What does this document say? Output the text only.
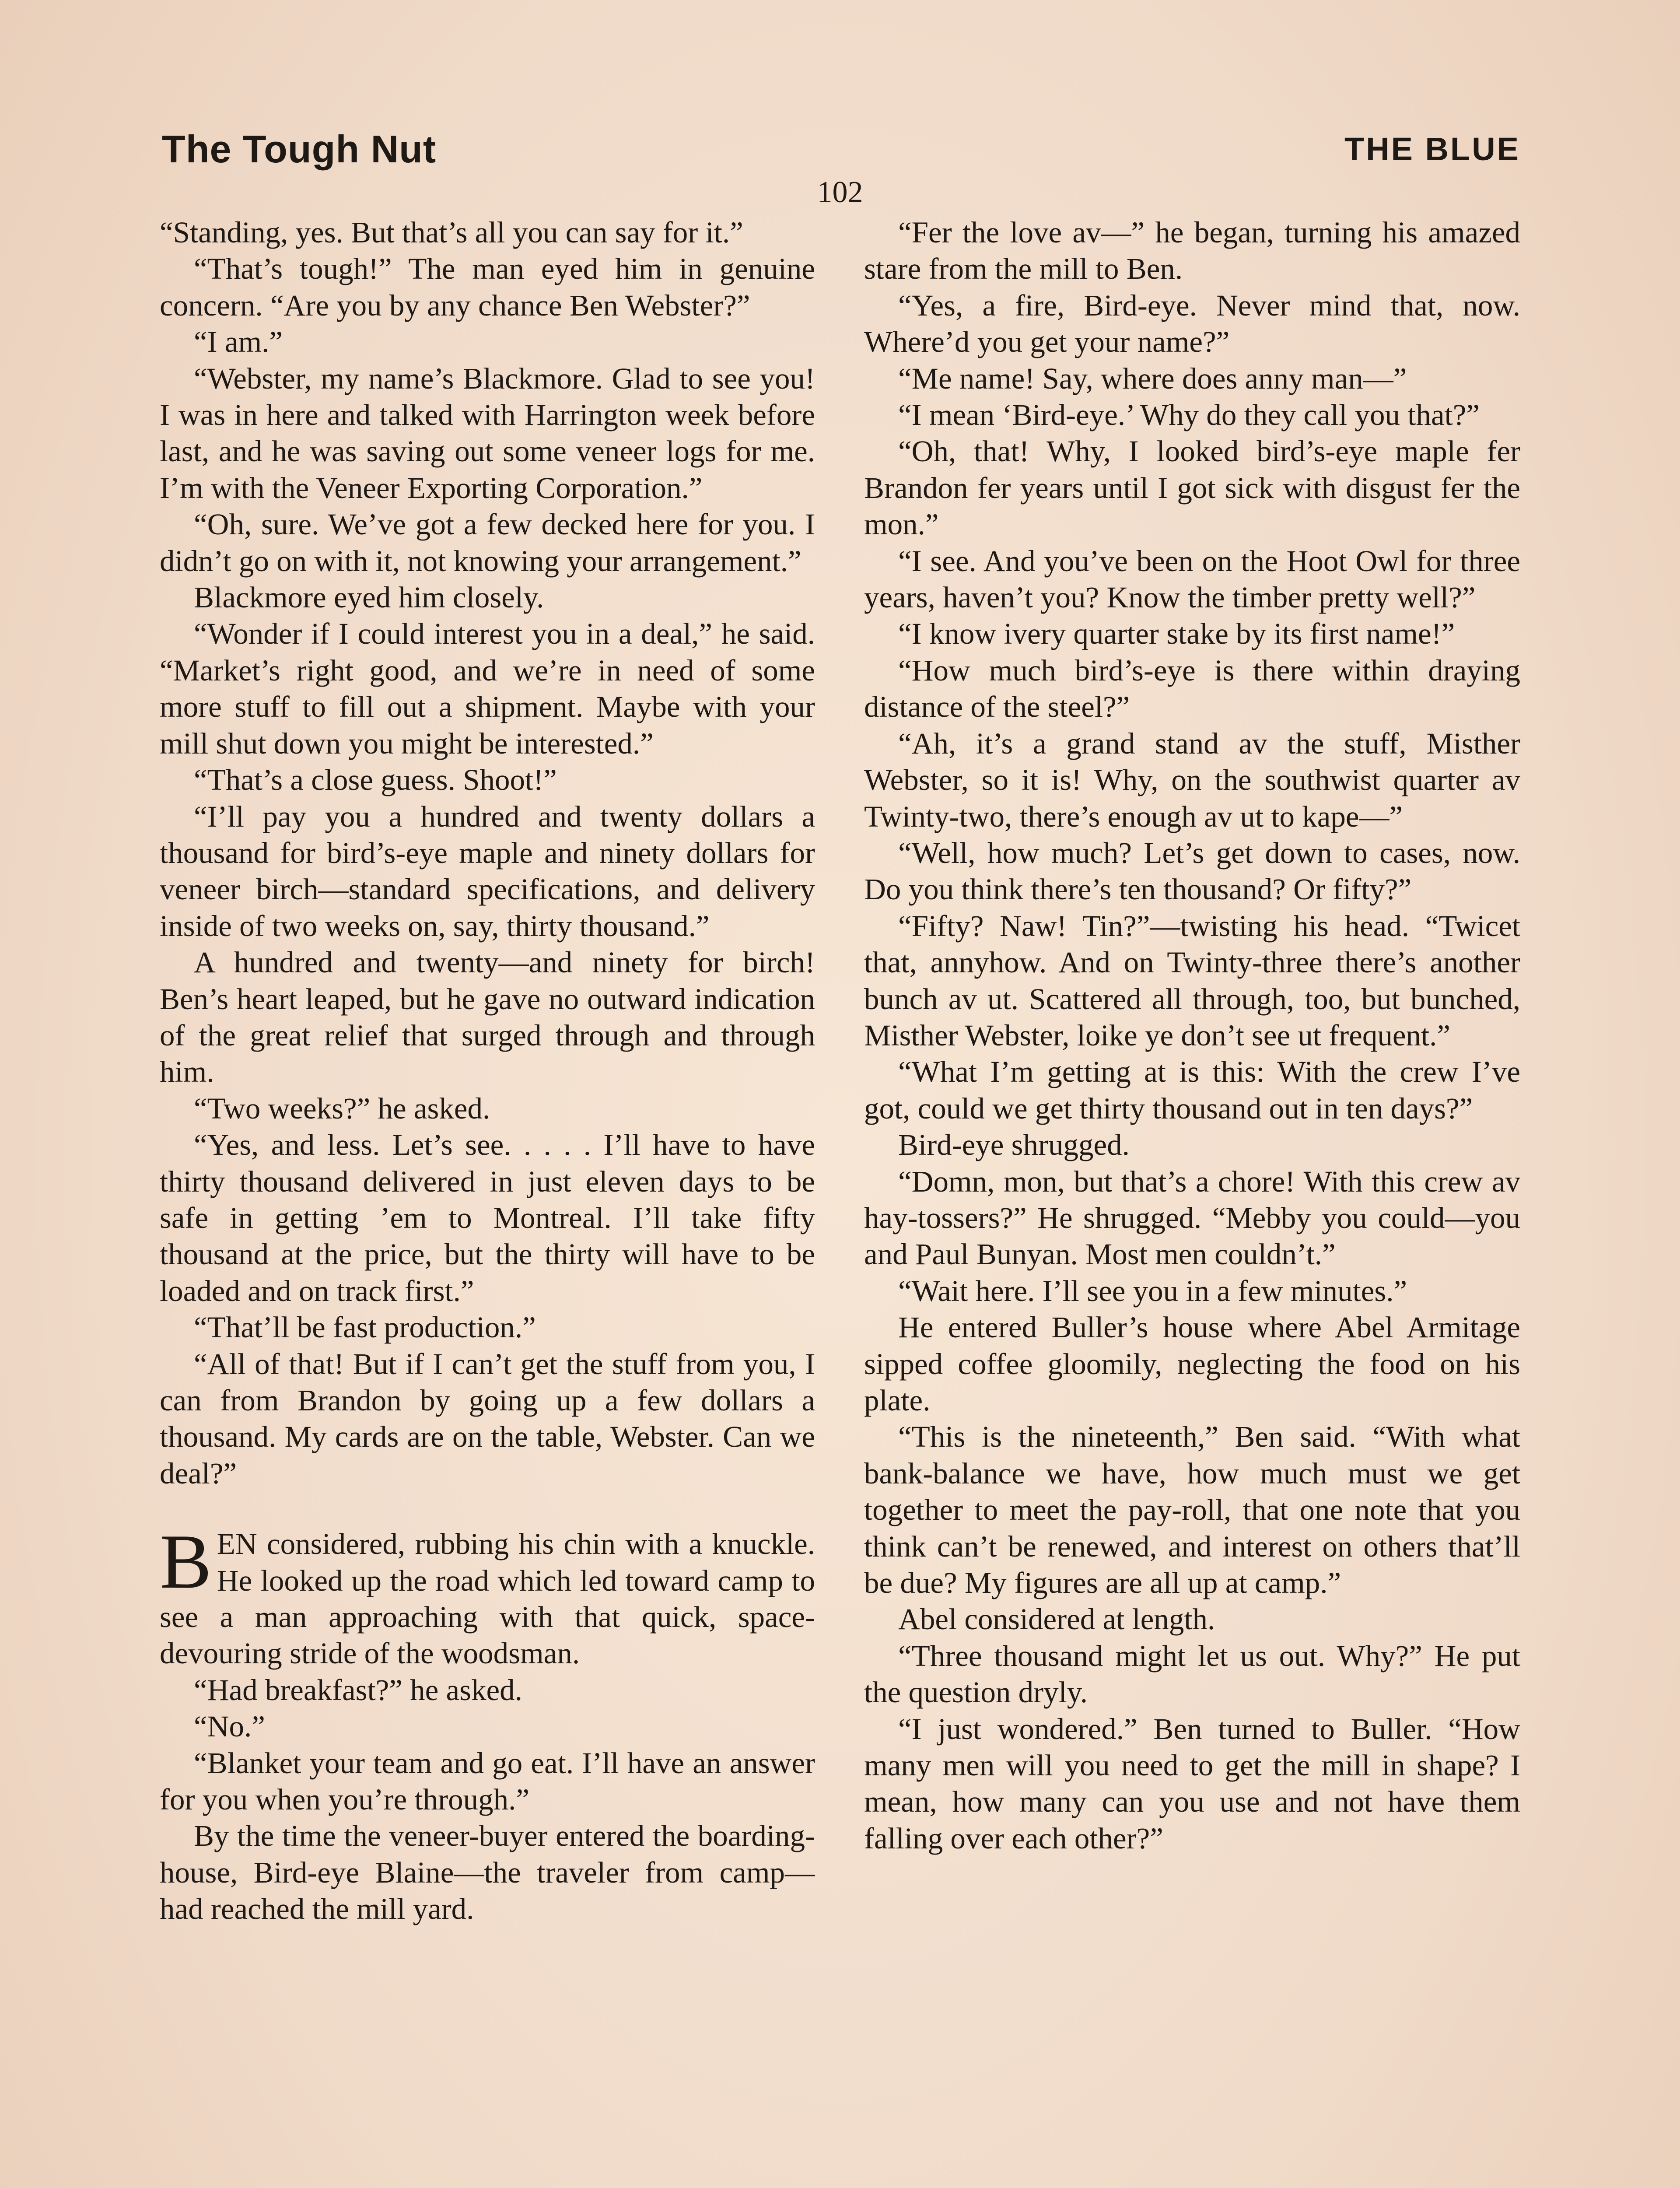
The Tough Nut	THE BLUE
102

“Standing, yes. But that’s all you can say for it.”

“That’s tough!” The man eyed him in genuine concern. “Are you by any chance Ben Webster?”

“I am.”

“Webster, my name’s Blackmore. Glad to see you! I was in here and talked with Harrington week before last, and he was saving out some veneer logs for me. I’m with the Veneer Exporting Corporation.”

“Oh, sure. We’ve got a few decked here for you. I didn’t go on with it, not knowing your arrangement.”

Blackmore eyed him closely.

“Wonder if I could interest you in a deal,” he said. “Market’s right good, and we’re in need of some more stuff to fill out a shipment. Maybe with your mill shut down you might be interested.”

“That’s a close guess. Shoot!”

“I’ll pay you a hundred and twenty dollars a thousand for bird’s-eye maple and ninety dollars for veneer birch—standard specifications, and delivery inside of two weeks on, say, thirty thousand.”

A hundred and twenty—and ninety for birch! Ben’s heart leaped, but he gave no outward indication of the great relief that surged through and through him.

“Two weeks?” he asked.

“Yes, and less. Let’s see. . . . . I’ll have to have thirty thousand delivered in just eleven days to be safe in getting ’em to Montreal. I’ll take fifty thousand at the price, but the thirty will have to be loaded and on track first.”

“That’ll be fast production.”

“All of that! But if I can’t get the stuff from you, I can from Brandon by going up a few dollars a thousand. My cards are on the table, Webster. Can we deal?”

BEN considered, rubbing his chin with a knuckle. He looked up the road which led toward camp to see a man approaching with that quick, space-devouring stride of the woodsman.

“Had breakfast?” he asked.

“No.”

“Blanket your team and go eat. I’ll have an answer for you when you’re through.”

By the time the veneer-buyer entered the boarding-house, Bird-eye Blaine—the traveler from camp—had reached the mill yard.

“Fer the love av—” he began, turning his amazed stare from the mill to Ben.

“Yes, a fire, Bird-eye. Never mind that, now. Where’d you get your name?”

“Me name! Say, where does anny man—”

“I mean ‘Bird-eye.’ Why do they call you that?”

“Oh, that! Why, I looked bird’s-eye maple fer Brandon fer years until I got sick with disgust fer the mon.”

“I see. And you’ve been on the Hoot Owl for three years, haven’t you? Know the timber pretty well?”

“I know ivery quarter stake by its first name!”

“How much bird’s-eye is there within draying distance of the steel?”

“Ah, it’s a grand stand av the stuff, Misther Webster, so it is! Why, on the southwist quarter av Twinty-two, there’s enough av ut to kape—”

“Well, how much? Let’s get down to cases, now. Do you think there’s ten thousand? Or fifty?”

“Fifty? Naw! Tin?”—twisting his head. “Twicet that, annyhow. And on Twinty-three there’s another bunch av ut. Scattered all through, too, but bunched, Misther Webster, loike ye don’t see ut frequent.”

“What I’m getting at is this: With the crew I’ve got, could we get thirty thousand out in ten days?”

Bird-eye shrugged.

“Domn, mon, but that’s a chore! With this crew av hay-tossers?” He shrugged. “Mebby you could—you and Paul Bunyan. Most men couldn’t.”

“Wait here. I’ll see you in a few minutes.”

He entered Buller’s house where Abel Armitage sipped coffee gloomily, neglecting the food on his plate.

“This is the nineteenth,” Ben said. “With what bank-balance we have, how much must we get together to meet the pay-roll, that one note that you think can’t be renewed, and interest on others that’ll be due? My figures are all up at camp.”

Abel considered at length.

“Three thousand might let us out. Why?” He put the question dryly.

“I just wondered.” Ben turned to Buller. “How many men will you need to get the mill in shape? I mean, how many can you use and not have them falling over each other?”
